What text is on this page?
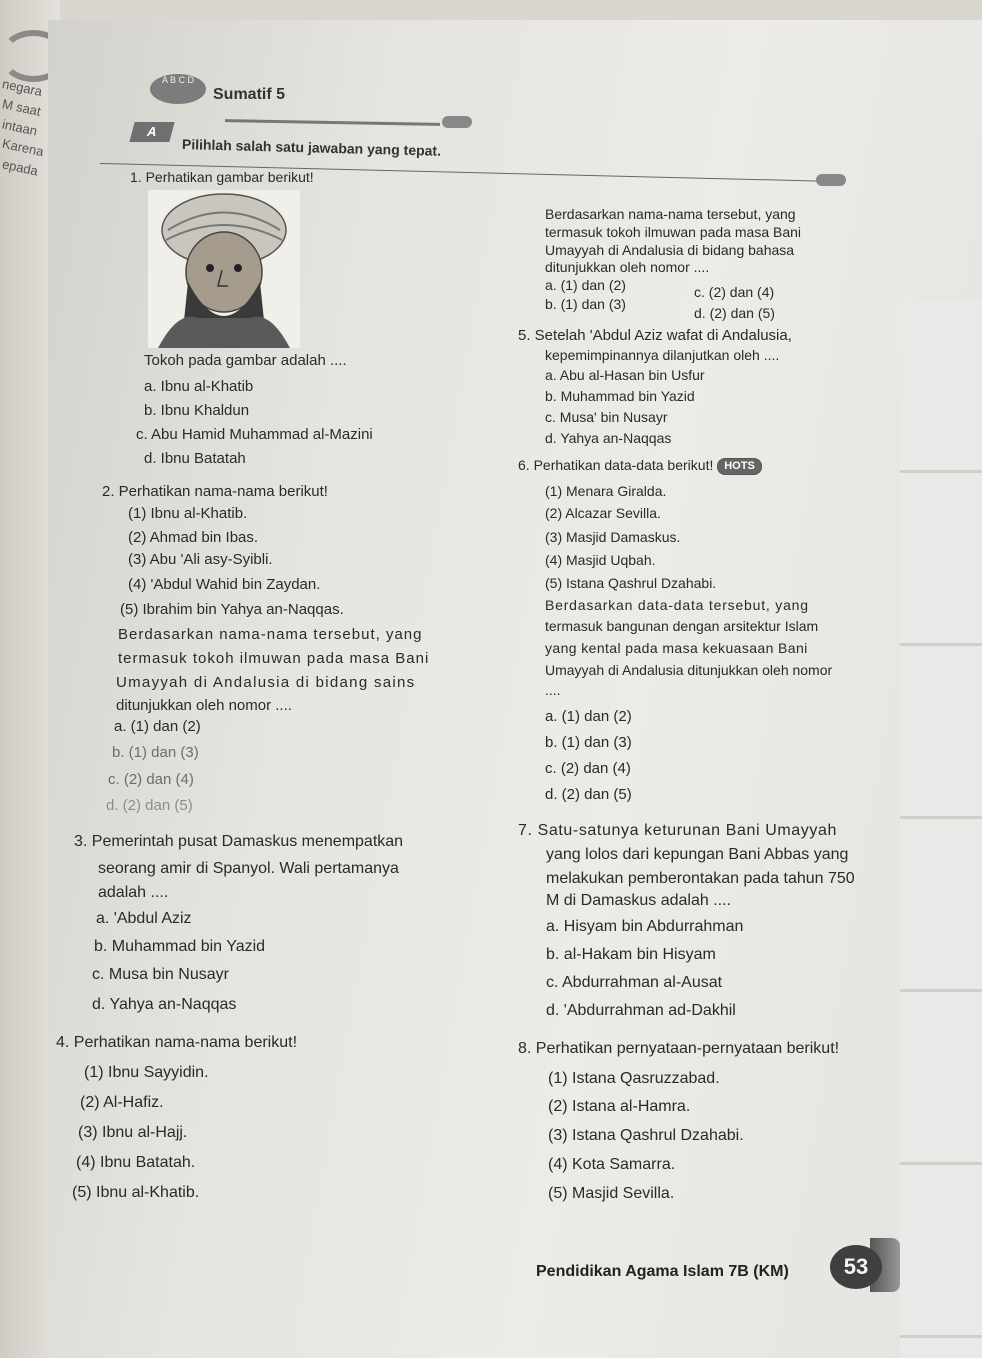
negara
M saat
intaan
Karena
epada
A B C D
Sumatif 5
A
Pilihlah salah satu jawaban yang tepat.
1. Perhatikan gambar berikut!
Tokoh pada gambar adalah ....
a. Ibnu al-Khatib
b. Ibnu Khaldun
c. Abu Hamid Muhammad al-Mazini
d. Ibnu Batatah
2. Perhatikan nama-nama berikut!
(1) Ibnu al-Khatib.
(2) Ahmad bin Ibas.
(3) Abu 'Ali asy-Syibli.
(4) 'Abdul Wahid bin Zaydan.
(5) Ibrahim bin Yahya an-Naqqas.
Berdasarkan nama-nama tersebut, yang
termasuk tokoh ilmuwan pada masa Bani
Umayyah di Andalusia di bidang sains
ditunjukkan oleh nomor ....
a. (1) dan (2)
b. (1) dan (3)
c. (2) dan (4)
d. (2) dan (5)
3. Pemerintah pusat Damaskus menempatkan
seorang amir di Spanyol. Wali pertamanya
adalah ....
a. 'Abdul Aziz
b. Muhammad bin Yazid
c. Musa bin Nusayr
d. Yahya an-Naqqas
4. Perhatikan nama-nama berikut!
(1) Ibnu Sayyidin.
(2) Al-Hafiz.
(3) Ibnu al-Hajj.
(4) Ibnu Batatah.
(5) Ibnu al-Khatib.
Berdasarkan nama-nama tersebut, yang
termasuk tokoh ilmuwan pada masa Bani
Umayyah di Andalusia di bidang bahasa
ditunjukkan oleh nomor ....
a. (1) dan (2)	c. (2) dan (4)
b. (1) dan (3)
d. (2) dan (5)
5. Setelah 'Abdul Aziz wafat di Andalusia,
kepemimpinannya dilanjutkan oleh ....
a. Abu al-Hasan bin Usfur
b. Muhammad bin Yazid
c. Musa' bin Nusayr
d. Yahya an-Naqqas
6. Perhatikan data-data berikut! HOTS
(1) Menara Giralda.
(2) Alcazar Sevilla.
(3) Masjid Damaskus.
(4) Masjid Uqbah.
(5) Istana Qashrul Dzahabi.
Berdasarkan data-data tersebut, yang
termasuk bangunan dengan arsitektur Islam
yang kental pada masa kekuasaan Bani
Umayyah di Andalusia ditunjukkan oleh nomor
....
a. (1) dan (2)
b. (1) dan (3)
c. (2) dan (4)
d. (2) dan (5)
7. Satu-satunya keturunan Bani Umayyah
yang lolos dari kepungan Bani Abbas yang
melakukan pemberontakan pada tahun 750
M di Damaskus adalah ....
a. Hisyam bin Abdurrahman
b. al-Hakam bin Hisyam
c. Abdurrahman al-Ausat
d. 'Abdurrahman ad-Dakhil
8. Perhatikan pernyataan-pernyataan berikut!
(1) Istana Qasruzzabad.
(2) Istana al-Hamra.
(3) Istana Qashrul Dzahabi.
(4) Kota Samarra.
(5) Masjid Sevilla.
Pendidikan Agama Islam 7B (KM)	53
